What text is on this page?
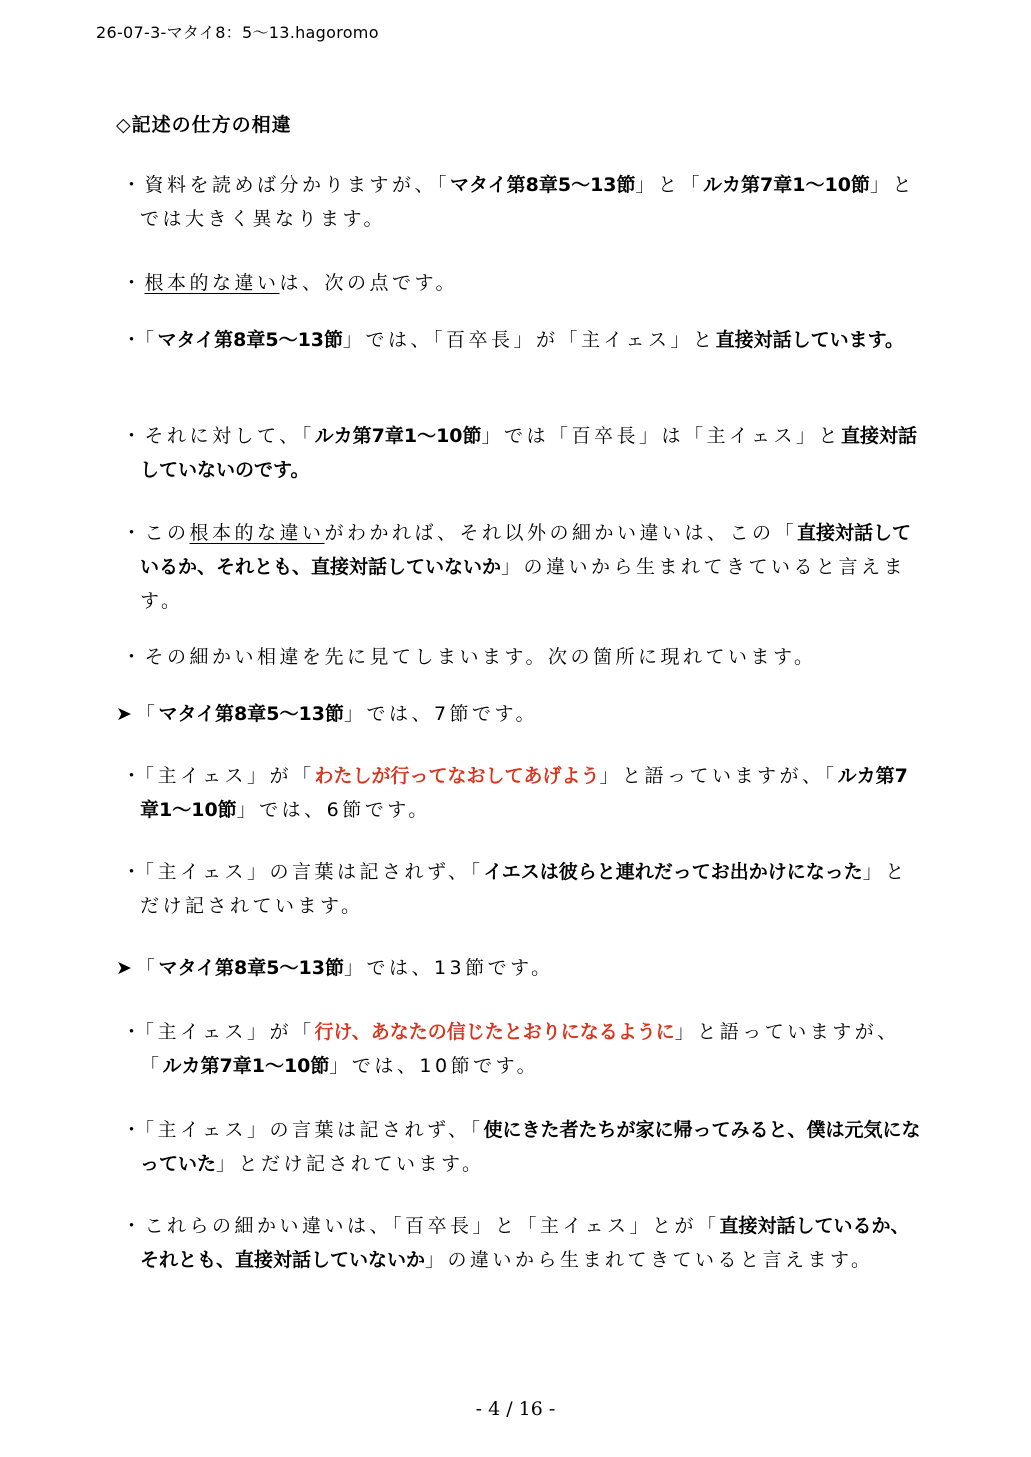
26-07-3-マタイ8：5〜13.hagoromo
◇記述の仕方の相違
・資料を読めば分かりますが、「マタイ第8章5〜13節」と「ルカ第7章1〜10節」とでは大きく異なります。
・根本的な違いは、次の点です。
・「マタイ第8章5〜13節」では、「百卒長」が「主イェス」と直接対話しています。
・それに対して、「ルカ第7章1〜10節」では「百卒長」は「主イェス」と直接対話していないのです。
・この根本的な違いがわかれば、それ以外の細かい違いは、この「直接対話しているか、それとも、直接対話していないか」の違いから生まれてきていると言えます。
・その細かい相違を先に見てしまいます。次の箇所に現れています。
➤ 「マタイ第8章5〜13節」では、7節です。
・「主イェス」が「わたしが行ってなおしてあげよう」と語っていますが、「ルカ第7章1〜10節」では、6節です。
・「主イェス」の言葉は記されず、「イエスは彼らと連れだってお出かけになった」とだけ記されています。
➤ 「マタイ第8章5〜13節」では、13節です。
・「主イェス」が「行け、あなたの信じたとおりになるように」と語っていますが、「ルカ第7章1〜10節」では、10節です。
・「主イェス」の言葉は記されず、「使にきた者たちが家に帰ってみると、僕は元気になっていた」とだけ記されています。
・これらの細かい違いは、「百卒長」と「主イェス」とが「直接対話しているか、それとも、直接対話していないか」の違いから生まれてきていると言えます。
- 4 / 16 -
